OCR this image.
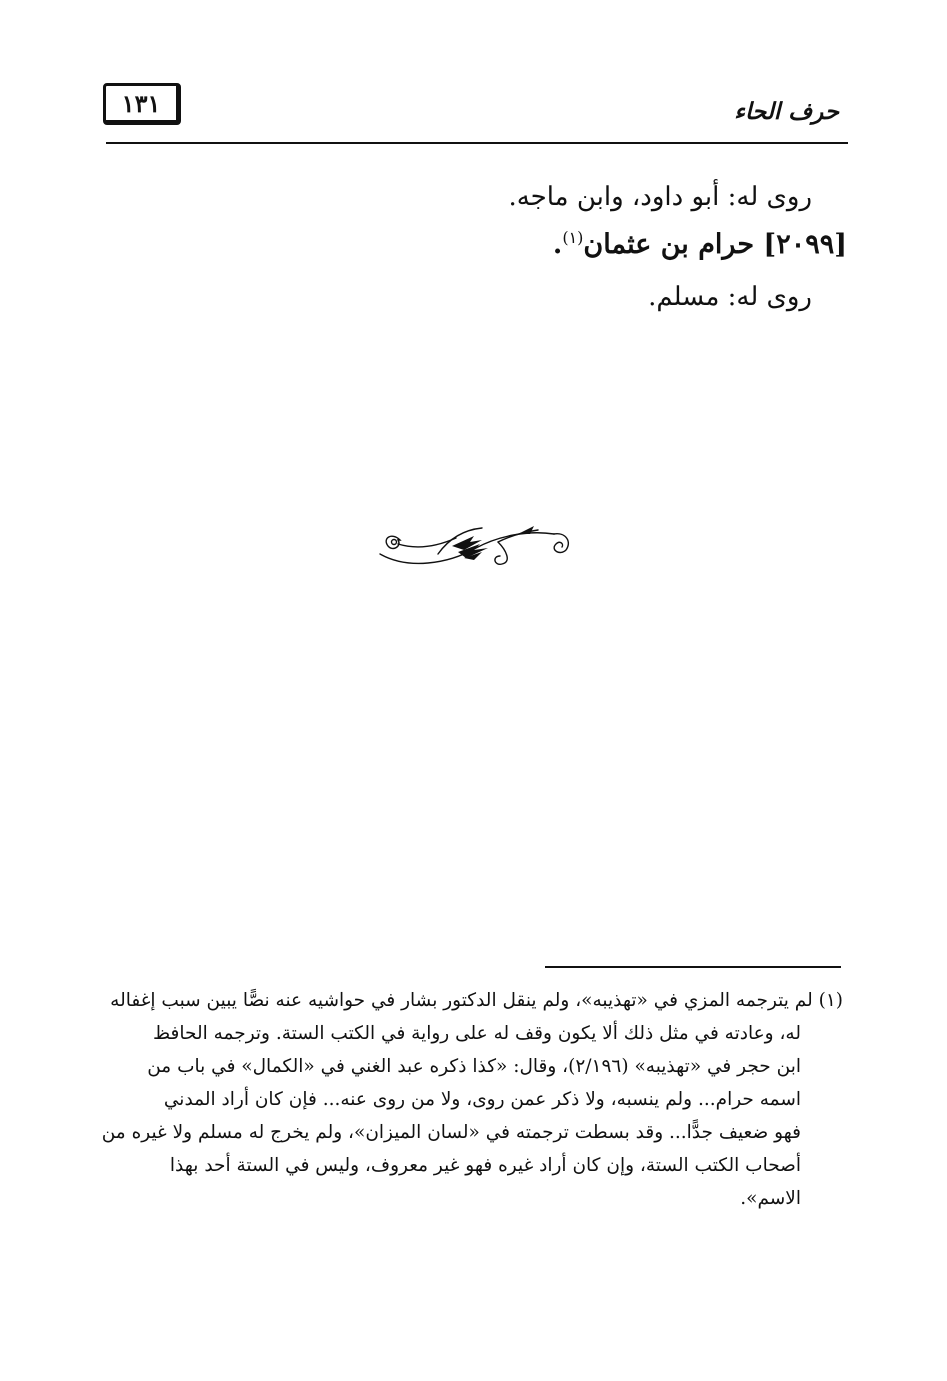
١٣١	حرف الحاء
روى له: أبو داود، وابن ماجه.
[٢٠٩٩] حرام بن عثمان$^{(١)}$.
روى له: مسلم.
(١) لم يترجمه المزي في «تهذيبه»، ولم ينقل الدكتور بشار في حواشيه عنه نصًّا يبين سبب إغفاله
له، وعادته في مثل ذلك ألا يكون وقف له على رواية في الكتب الستة. وترجمه الحافظ
ابن حجر في «تهذيبه» (٢/١٩٦)، وقال: «كذا ذكره عبد الغني في «الكمال» في باب من
اسمه حرام... ولم ينسبه، ولا ذكر عمن روى، ولا من روى عنه... فإن كان أراد المدني
فهو ضعيف جدًّا... وقد بسطت ترجمته في «لسان الميزان»، ولم يخرج له مسلم ولا غيره من
أصحاب الكتب الستة، وإن كان أراد غيره فهو غير معروف، وليس في الستة أحد بهذا
الاسم».
